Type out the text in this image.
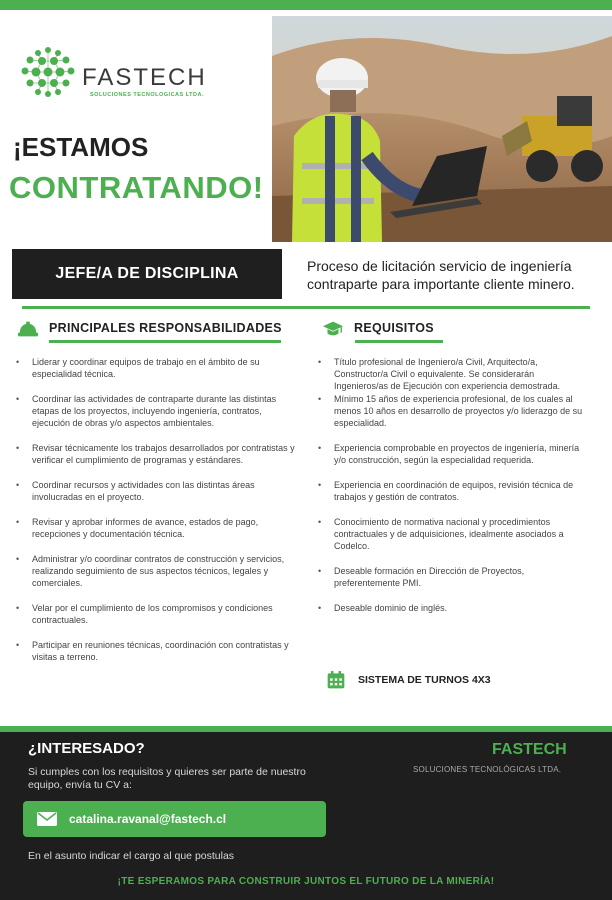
FASTECH
SOLUCIONES TECNOLOGICAS LTDA.
¡ESTAMOS
CONTRATANDO!
JEFE/A DE DISCIPLINA	Proceso de licitación servicio de ingeniería contraparte para importante cliente minero.
PRINCIPALES RESPONSABILIDADES
• Liderar y coordinar equipos de trabajo en el ámbito de su especialidad técnica.
• Coordinar las actividades de contraparte durante las distintas etapas de los proyectos, incluyendo ingeniería, contratos, ejecución de obras y/o aspectos ambientales.
• Revisar técnicamente los trabajos desarrollados por contratistas y verificar el cumplimiento de programas y estándares.
• Coordinar recursos y actividades con las distintas áreas involucradas en el proyecto.
• Revisar y aprobar informes de avance, estados de pago, recepciones y documentación técnica.
• Administrar y/o coordinar contratos de construcción y servicios, realizando seguimiento de sus aspectos técnicos, legales y comerciales.
• Velar por el cumplimiento de los compromisos y condiciones contractuales.
• Participar en reuniones técnicas, coordinación con contratistas y visitas a terreno.
REQUISITOS
• Título profesional de Ingeniero/a Civil, Arquitecto/a, Constructor/a Civil o equivalente. Se considerarán Ingenieros/as de Ejecución con experiencia demostrada.
• Mínimo 15 años de experiencia profesional, de los cuales al menos 10 años en desarrollo de proyectos y/o liderazgo de su especialidad.
• Experiencia comprobable en proyectos de ingeniería, minería y/o construcción, según la especialidad requerida.
• Experiencia en coordinación de equipos, revisión técnica de trabajos y gestión de contratos.
• Conocimiento de normativa nacional y procedimientos contractuales y de adquisiciones, idealmente asociados a Codelco.
• Deseable formación en Dirección de Proyectos, preferentemente PMI.
• Deseable dominio de inglés.
SISTEMA DE TURNOS 4X3
¿INTERESADO?	FASTECH
SOLUCIONES TECNOLÓGICAS LTDA.
Si cumples con los requisitos y quieres ser parte de nuestro equipo, envía tu CV a:
catalina.ravanal@fastech.cl
En el asunto indicar el cargo al que postulas
¡TE ESPERAMOS PARA CONSTRUIR JUNTOS EL FUTURO DE LA MINERÍA!
